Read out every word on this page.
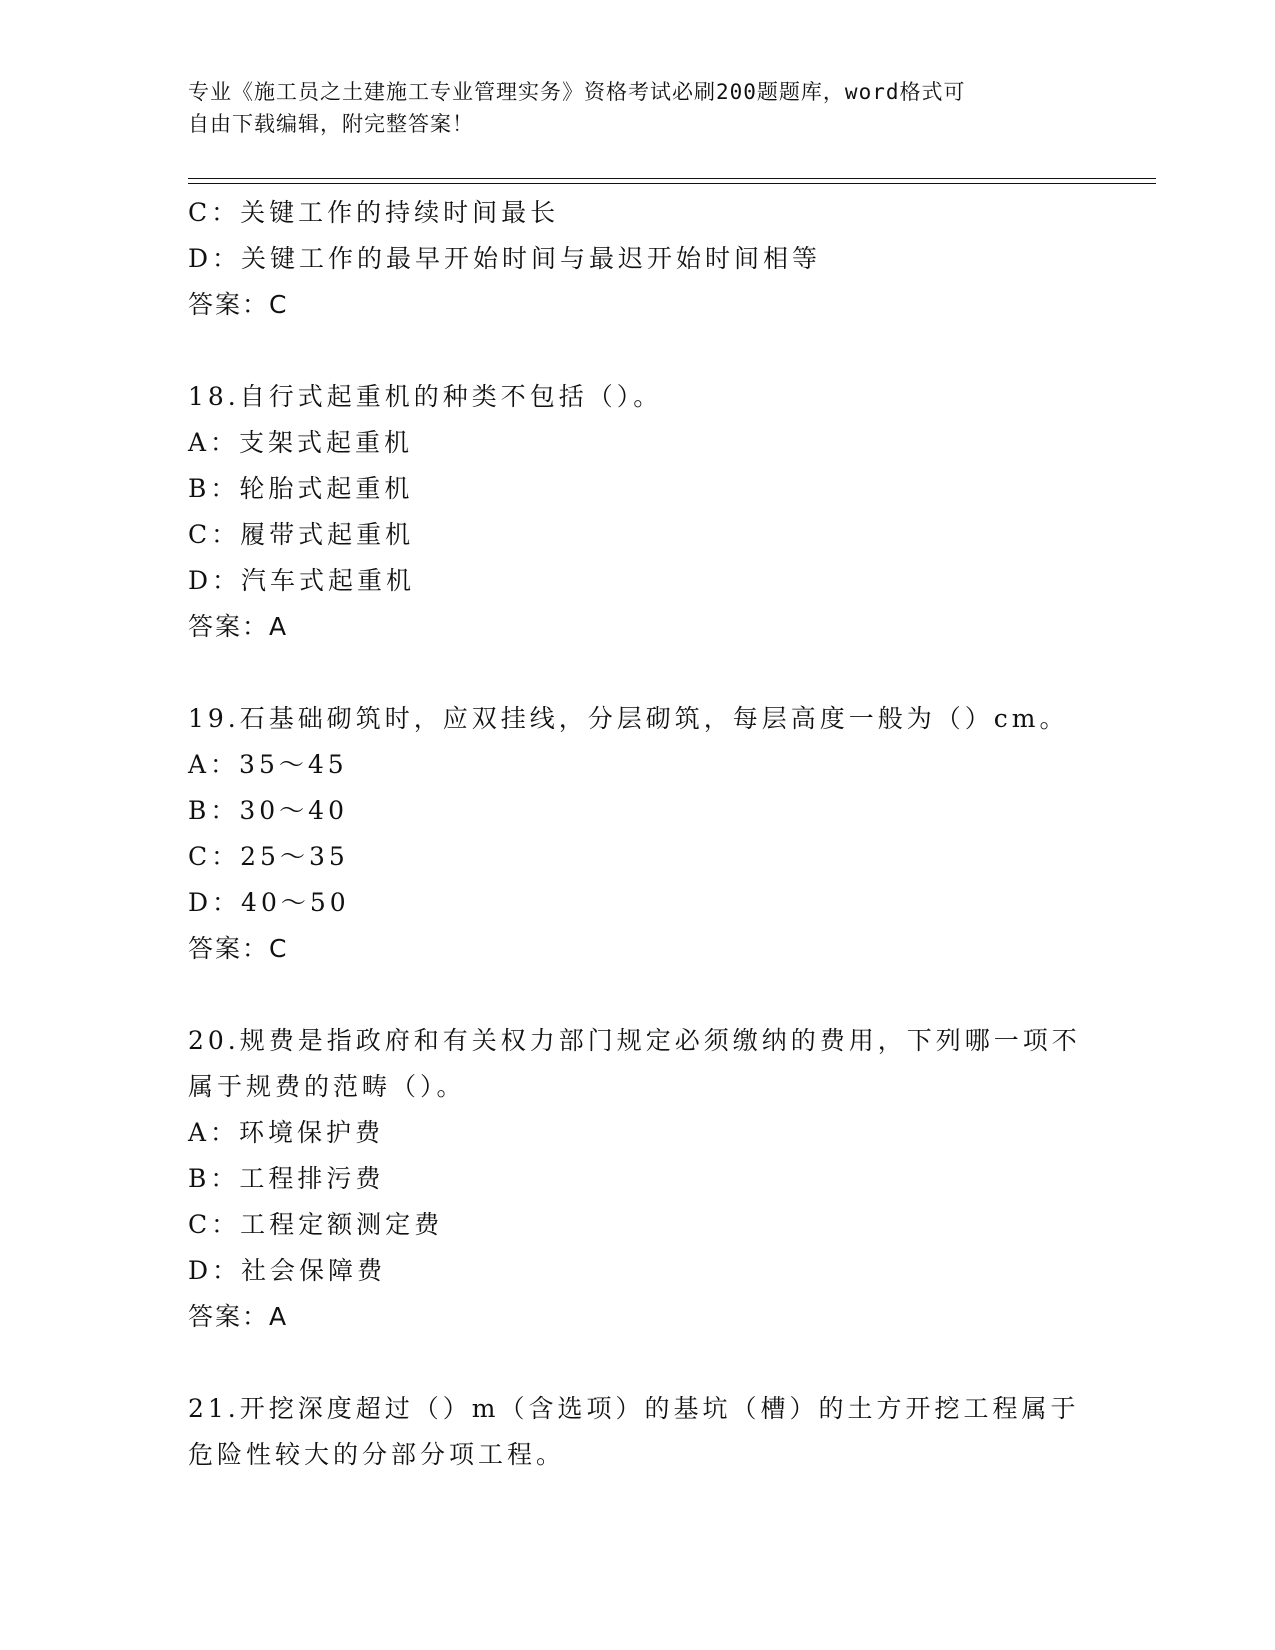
专业《施工员之土建施工专业管理实务》资格考试必刷200题题库，word格式可
自由下载编辑，附完整答案！
C：关键工作的持续时间最长
D：关键工作的最早开始时间与最迟开始时间相等
答案：C
18.自行式起重机的种类不包括（）。
A：支架式起重机
B：轮胎式起重机
C：履带式起重机
D：汽车式起重机
答案：A
19.石基础砌筑时，应双挂线，分层砌筑，每层高度一般为（）cm。
A：35～45
B：30～40
C：25～35
D：40～50
答案：C
20.规费是指政府和有关权力部门规定必须缴纳的费用，下列哪一项不
属于规费的范畴（）。
A：环境保护费
B：工程排污费
C：工程定额测定费
D：社会保障费
答案：A
21.开挖深度超过（）m（含选项）的基坑（槽）的土方开挖工程属于
危险性较大的分部分项工程。
